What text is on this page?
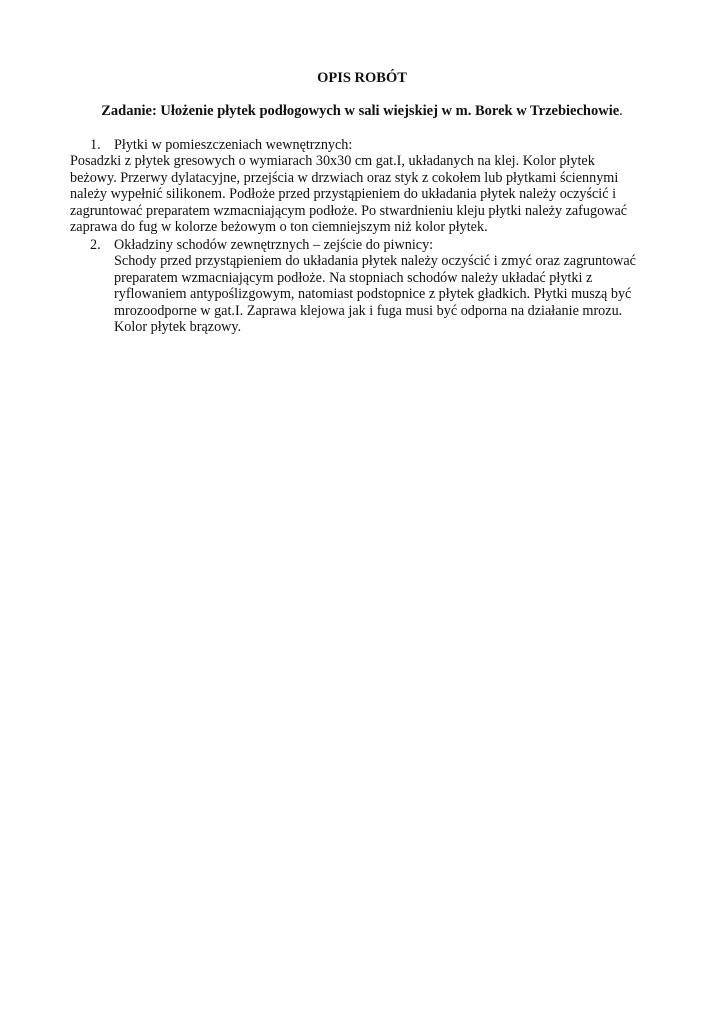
OPIS ROBÓT

Zadanie: Ułożenie płytek podłogowych w sali wiejskiej w m. Borek w Trzebiechowie.

1. Płytki w pomieszczeniach wewnętrznych:
Posadzki z płytek gresowych o wymiarach 30x30 cm gat.I, układanych na klej. Kolor płytek
beżowy. Przerwy dylatacyjne, przejścia w drzwiach oraz styk z cokołem lub płytkami ściennymi
należy wypełnić silikonem. Podłoże przed przystąpieniem do układania płytek należy oczyścić i
zagruntować preparatem wzmacniającym podłoże. Po stwardnieniu kleju płytki należy zafugować
zaprawa do fug w kolorze beżowym o ton ciemniejszym niż kolor płytek.
2. Okładziny schodów zewnętrznych – zejście do piwnicy:
Schody przed przystąpieniem do układania płytek należy oczyścić i zmyć oraz zagruntować
preparatem wzmacniającym podłoże. Na stopniach schodów należy układać płytki z
ryflowaniem antypoślizgowym, natomiast podstopnice z płytek gładkich. Płytki muszą być
mrozoodporne w gat.I. Zaprawa klejowa jak i fuga musi być odporna na działanie mrozu.
Kolor płytek brązowy.
